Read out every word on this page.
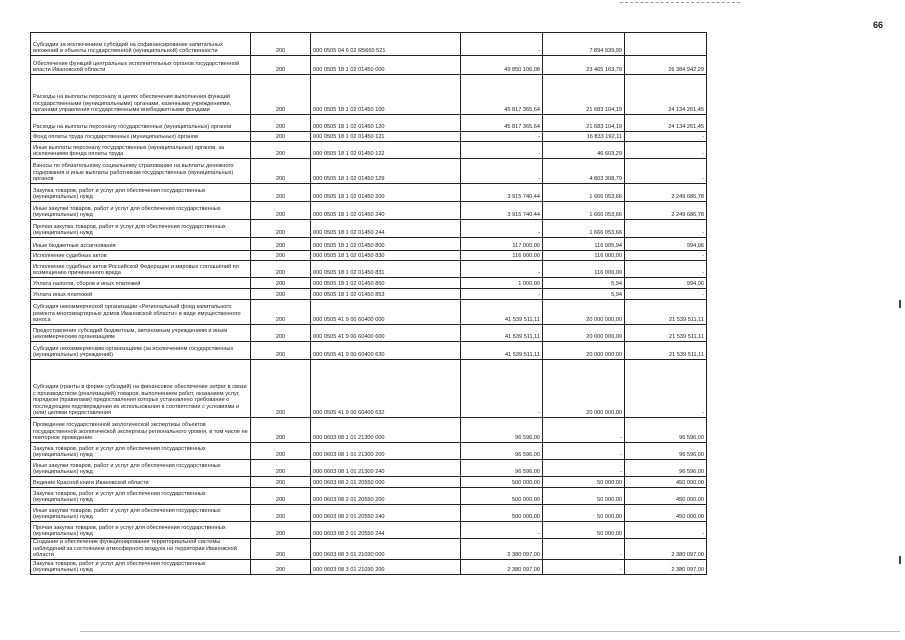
66
Субсидии за исключением субсидий на софинансирование капитальных вложений в объекты государственной (муниципальной) собственности	200	000 0505 04 6 02 R5660 521	-	7 894 939,99	
Обеспечение функций центральных исполнительных органов государственной власти Ивановской области	200	000 0505 18 1 02 01450 000	49 850 106,08	23 465 163,79	26 384 942,29
Расходы на выплаты персоналу в целях обеспечения выполнения функций государственными (муниципальными) органами, казенными учреждениями, органами управления государственными внебюджетными фондами	200	000 0505 18 1 02 01450 100	45 817 365,64	21 683 104,19	24 134 261,45
Расходы на выплаты персоналу государственных (муниципальных) органов	200	000 0505 18 1 02 01450 120	45 817 365,64	21 683 104,19	24 134 261,45
Фонд оплаты труда государственных (муниципальных) органов	200	000 0505 18 1 02 01450 121	-	16 833 192,11	-
Иные выплаты персоналу государственных (муниципальных) органов, за исключением фонда оплаты труда	200	000 0505 18 1 02 01450 122	-	46 603,29	-
Взносы по обязательному социальному страхованию на выплаты денежного содержания и иные выплаты работникам государственных (муниципальных) органов	200	000 0505 18 1 02 01450 129	-	4 803 308,79	-
Закупка товаров, работ и услуг для обеспечения государственных (муниципальных) нужд	200	000 0505 18 1 02 01450 200	3 915 740,44	1 666 053,66	2 249 686,78
Иные закупки товаров, работ и услуг для обеспечения государственных (муниципальных) нужд	200	000 0505 18 1 02 01450 240	3 915 740,44	1 666 053,66	2 249 686,78
Прочая закупка товаров, работ и услуг для обеспечения государственных (муниципальных) нужд	200	000 0505 18 1 02 01450 244	-	1 666 053,66	-
Иные бюджетные ассигнования	200	000 0505 18 1 02 01450 800	117 000,00	116 005,94	994,06
Исполнение судебных актов	200	000 0505 18 1 02 01450 830	116 000,00	116 000,00	-
Исполнение судебных актов Российской Федерации и мировых соглашений по возмещению причиненного вреда	200	000 0505 18 1 02 01450 831	-	116 000,00	-
Уплата налогов, сборов и иных платежей	200	000 0505 18 1 02 01450 850	1 000,00	5,94	994,06
Уплата иных платежей	200	000 0505 18 1 02 01450 853	-	5,94	-
Субсидия некоммерческой организации «Региональный фонд капитального ремонта многоквартирных домов Ивановской области» в виде имущественного взноса	200	000 0505 41 9 00 60400 000	41 539 511,11	20 000 000,00	21 539 511,11
Предоставление субсидий бюджетным, автономным учреждениям и иным некоммерческим организациям	200	000 0505 41 9 00 60400 600	41 539 511,11	20 000 000,00	21 539 511,11
Субсидии некоммерческим организациям (за исключением государственных (муниципальных) учреждений)	200	000 0505 41 9 00 60400 630	41 539 511,11	20 000 000,00	21 539 511,11
Субсидии (гранты в форме субсидий) на финансовое обеспечение затрат в связи с производством (реализацией) товаров, выполнением работ, оказанием услуг, порядком (правилами) предоставления которых установлено требование о последующем подтверждении их использования в соответствии с условиями и (или) целями предоставления	200	000 0505 41 9 00 60400 632	-	20 000 000,00	-
Проведение государственной экологической экспертизы объектов государственной экологической экспертизы регионального уровня, в том числе ее повторное проведение	200	000 0603 08 1 01 21300 000	96 596,00	-	96 596,00
Закупка товаров, работ и услуг для обеспечения государственных (муниципальных) нужд	200	000 0603 08 1 01 21300 200	96 596,00	-	96 596,00
Иные закупки товаров, работ и услуг для обеспечения государственных (муниципальных) нужд	200	000 0603 08 1 01 21300 240	96 596,00	-	96 596,00
Ведение Красной книги Ивановской области	200	000 0603 08 2 01 20550 000	500 000,00	50 000,00	450 000,00
Закупка товаров, работ и услуг для обеспечения государственных (муниципальных) нужд	200	000 0603 08 2 01 20550 200	500 000,00	50 000,00	450 000,00
Иные закупки товаров, работ и услуг для обеспечения государственных (муниципальных) нужд	200	000 0603 08 2 01 20550 240	500 000,00	50 000,00	450 000,00
Прочая закупка товаров, работ и услуг для обеспечения государственных (муниципальных) нужд	200	000 0603 08 2 01 20550 244	-	50 000,00	-
Создание и обеспечение функционирования территориальной системы наблюдений за состоянием атмосферного воздуха на территории Ивановской области	200	000 0603 08 3 01 21030 000	2 380 097,00	-	2 380 097,00
Закупка товаров, работ и услуг для обеспечения государственных (муниципальных) нужд	200	000 0603 08 3 01 21030 200	2 380 097,00	-	2 380 097,00
